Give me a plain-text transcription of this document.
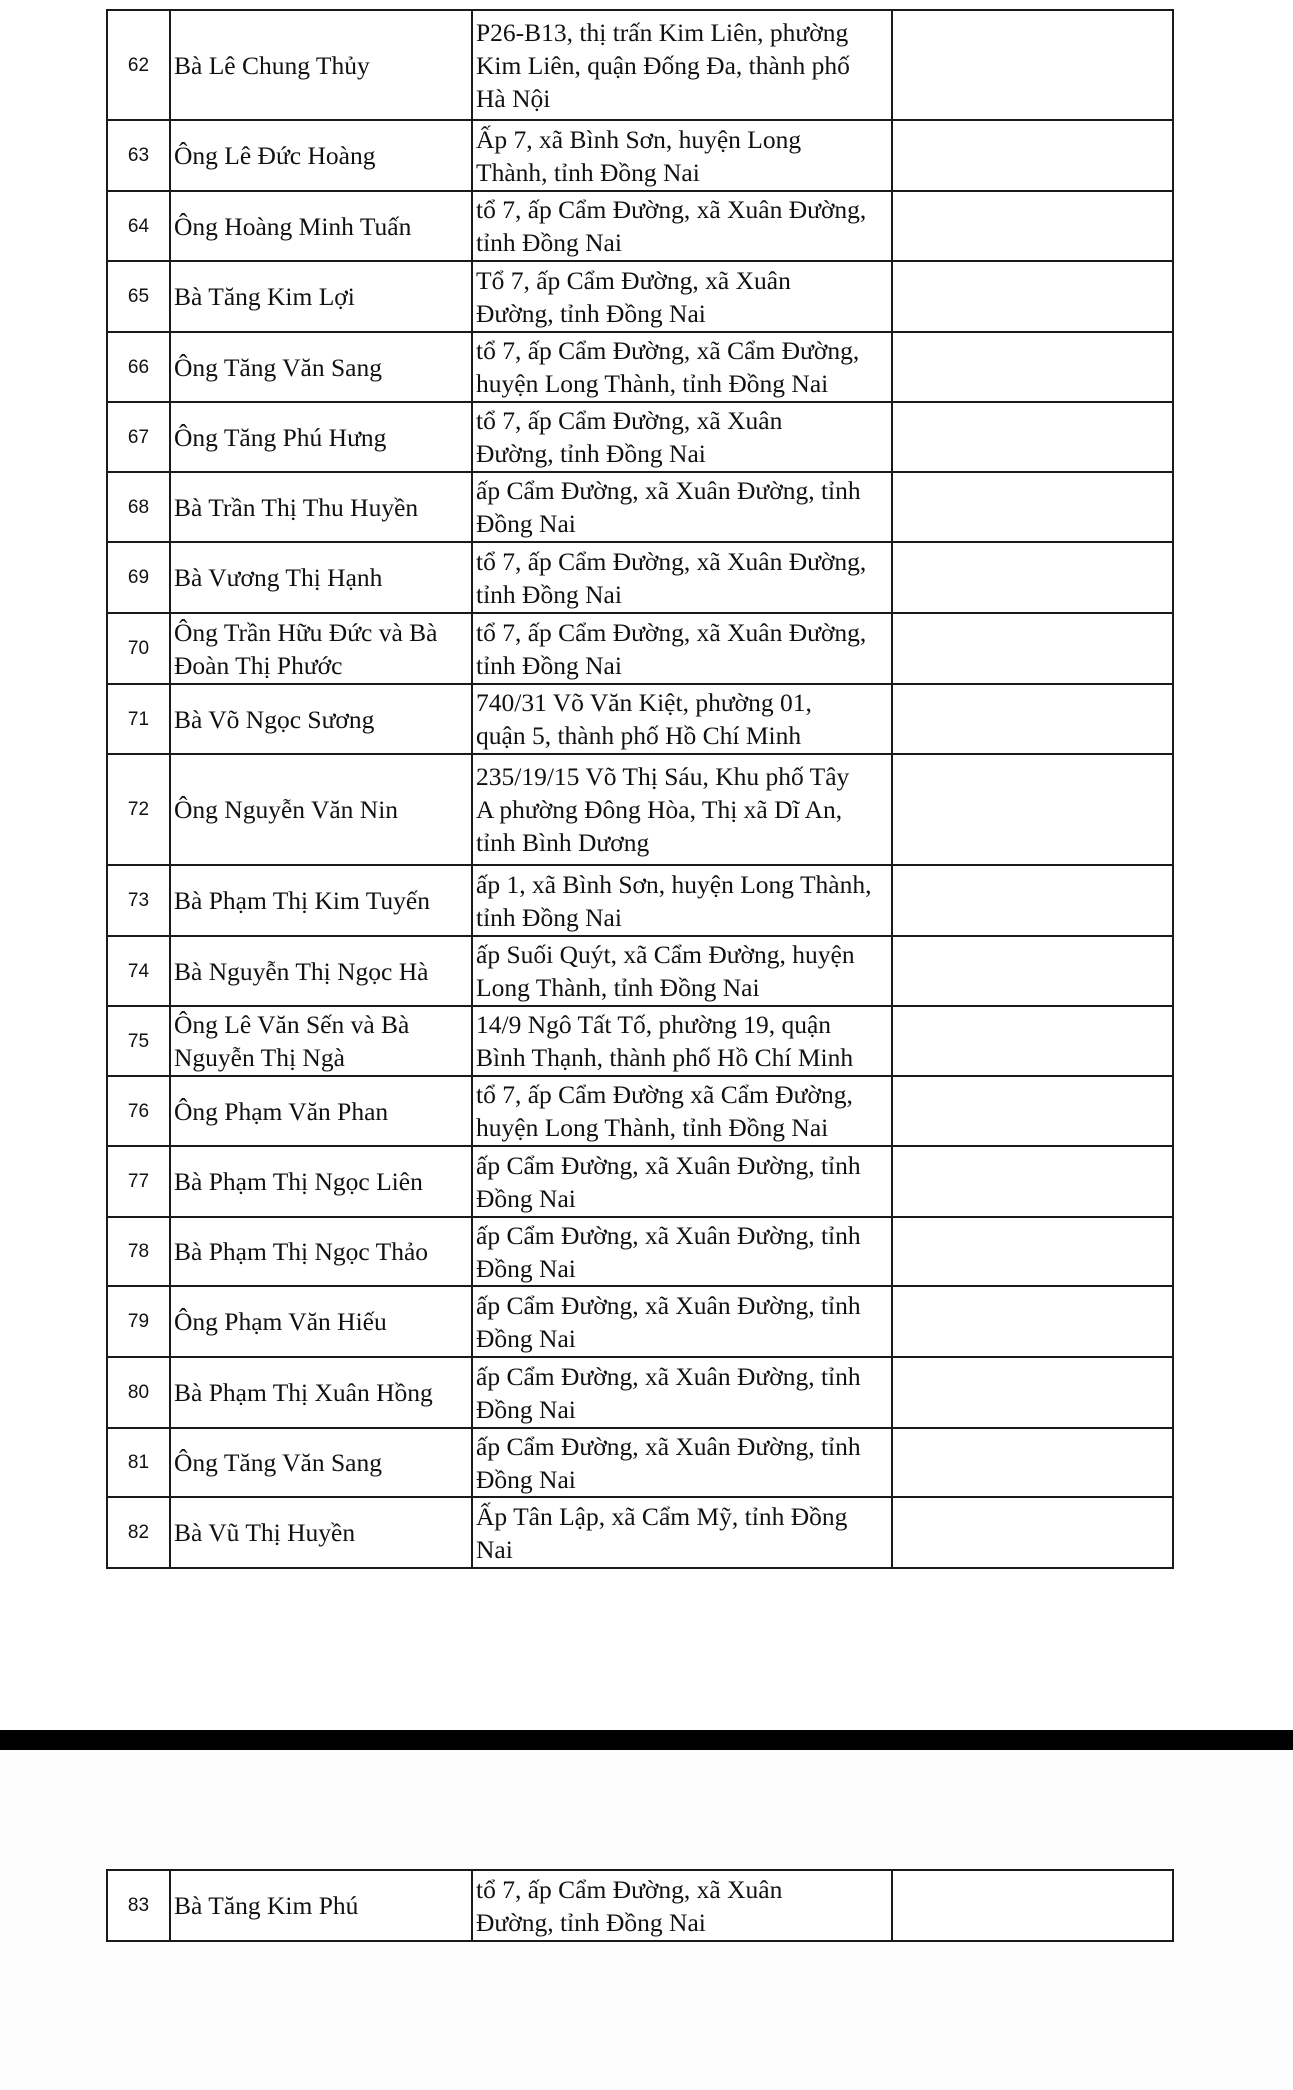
62	Bà Lê Chung Thủy	P26-B13, thị trấn Kim Liên, phường
Kim Liên, quận Đống Đa, thành phố
Hà Nội	
63	Ông Lê Đức Hoàng	Ấp 7, xã Bình Sơn, huyện Long
Thành, tỉnh Đồng Nai	
64	Ông Hoàng Minh Tuấn	tổ 7, ấp Cẩm Đường, xã Xuân Đường,
tỉnh Đồng Nai	
65	Bà Tăng Kim Lợi	Tổ 7, ấp Cẩm Đường, xã Xuân
Đường, tỉnh Đồng Nai	
66	Ông Tăng Văn Sang	tổ 7, ấp Cẩm Đường, xã Cẩm Đường,
huyện Long Thành, tỉnh Đồng Nai	
67	Ông Tăng Phú Hưng	tổ 7, ấp Cẩm Đường, xã Xuân
Đường, tỉnh Đồng Nai	
68	Bà Trần Thị Thu Huyền	ấp Cẩm Đường, xã Xuân Đường, tỉnh
Đồng Nai	
69	Bà Vương Thị Hạnh	tổ 7, ấp Cẩm Đường, xã Xuân Đường,
tỉnh Đồng Nai	
70	Ông Trần Hữu Đức và Bà
Đoàn Thị Phước	tổ 7, ấp Cẩm Đường, xã Xuân Đường,
tỉnh Đồng Nai	
71	Bà Võ Ngọc Sương	740/31 Võ Văn Kiệt, phường 01,
quận 5, thành phố Hồ Chí Minh	
72	Ông Nguyễn Văn Nin	235/19/15 Võ Thị Sáu, Khu phố Tây
A phường Đông Hòa, Thị xã Dĩ An,
tỉnh Bình Dương	
73	Bà Phạm Thị Kim Tuyến	ấp 1, xã Bình Sơn, huyện Long Thành,
tỉnh Đồng Nai	
74	Bà Nguyễn Thị Ngọc Hà	ấp Suối Quýt, xã Cẩm Đường, huyện
Long Thành, tỉnh Đồng Nai	
75	Ông Lê Văn Sến và Bà
Nguyễn Thị Ngà	14/9 Ngô Tất Tố, phường 19, quận
Bình Thạnh, thành phố Hồ Chí Minh	
76	Ông Phạm Văn Phan	tổ 7, ấp Cẩm Đường xã Cẩm Đường,
huyện Long Thành, tỉnh Đồng Nai	
77	Bà Phạm Thị Ngọc Liên	ấp Cẩm Đường, xã Xuân Đường, tỉnh
Đồng Nai	
78	Bà Phạm Thị Ngọc Thảo	ấp Cẩm Đường, xã Xuân Đường, tỉnh
Đồng Nai	
79	Ông Phạm Văn Hiếu	ấp Cẩm Đường, xã Xuân Đường, tỉnh
Đồng Nai	
80	Bà Phạm Thị Xuân Hồng	ấp Cẩm Đường, xã Xuân Đường, tỉnh
Đồng Nai	
81	Ông Tăng Văn Sang	ấp Cẩm Đường, xã Xuân Đường, tỉnh
Đồng Nai	
82	Bà Vũ Thị Huyền	Ấp Tân Lập, xã Cẩm Mỹ, tỉnh Đồng
Nai	
83	Bà Tăng Kim Phú	tổ 7, ấp Cẩm Đường, xã Xuân
Đường, tỉnh Đồng Nai	
